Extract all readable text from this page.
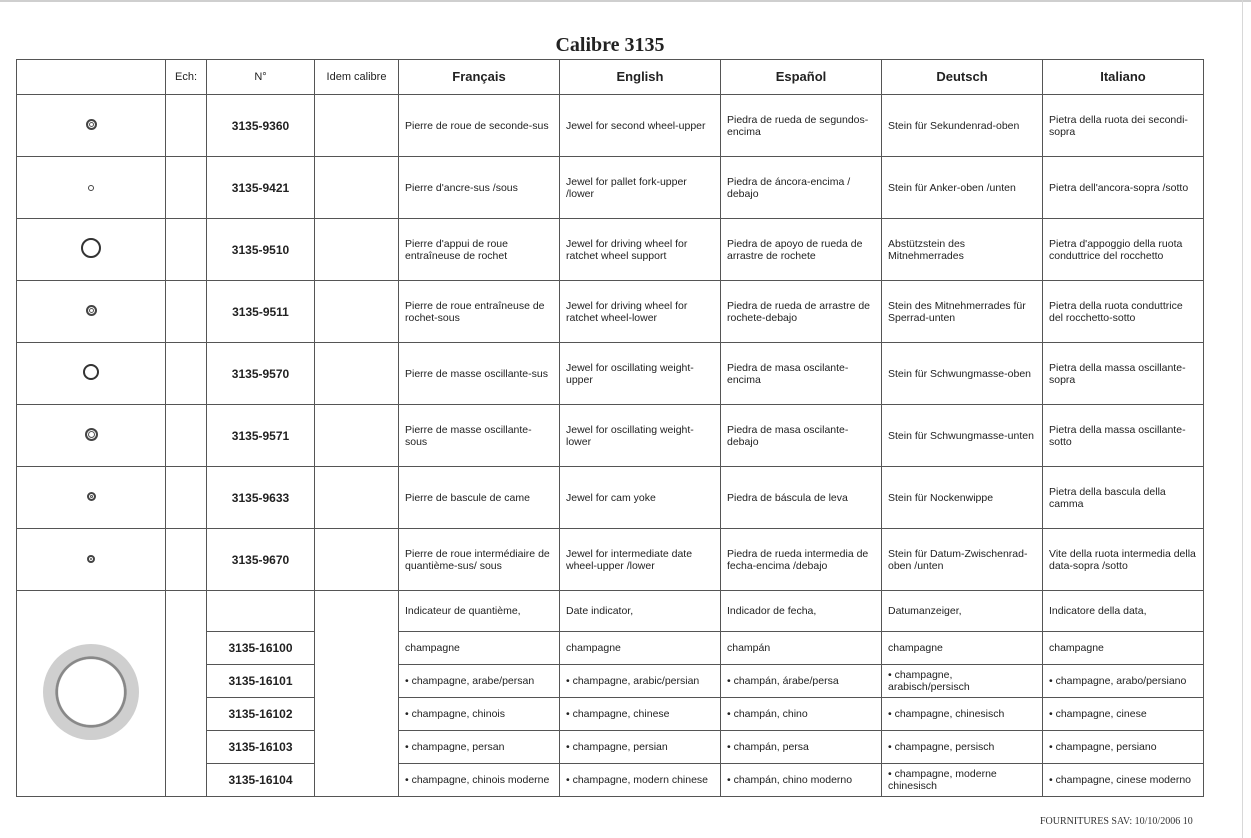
Calibre 3135
	Ech:	N°	Idem calibre	Français	English	Español	Deutsch	Italiano
		3135-9360		Pierre de roue de seconde-sus	Jewel for second wheel-upper	Piedra de rueda de segundos-encima	Stein für Sekundenrad-oben	Pietra della ruota dei secondi-sopra
		3135-9421		Pierre d'ancre-sus /sous	Jewel for pallet fork-upper /lower	Piedra de áncora-encima / debajo	Stein für Anker-oben /unten	Pietra dell'ancora-sopra /sotto
		3135-9510		Pierre d'appui de roue entraîneuse de rochet	Jewel for driving wheel for ratchet wheel support	Piedra de apoyo de rueda de arrastre de rochete	Abstützstein des Mitnehmerrades	Pietra d'appoggio della ruota conduttrice del rocchetto
		3135-9511		Pierre de roue entraîneuse de rochet-sous	Jewel for driving wheel for ratchet wheel-lower	Piedra de rueda de arrastre de rochete-debajo	Stein des Mitnehmerrades für Sperrad-unten	Pietra della ruota conduttrice del rocchetto-sotto
		3135-9570		Pierre de masse oscillante-sus	Jewel for oscillating weight-upper	Piedra de masa oscilante-encima	Stein für Schwungmasse-oben	Pietra della massa oscillante-sopra
		3135-9571		Pierre de masse oscillante-sous	Jewel for oscillating weight-lower	Piedra de masa oscilante-debajo	Stein für Schwungmasse-unten	Pietra della massa oscillante-sotto
		3135-9633		Pierre de bascule de came	Jewel for cam yoke	Piedra de báscula de leva	Stein für Nockenwippe	Pietra della bascula della camma
		3135-9670		Pierre de roue intermédiaire de quantième-sus/ sous	Jewel for intermediate date wheel-upper /lower	Piedra de rueda intermedia de fecha-encima /debajo	Stein für Datum-Zwischenrad-oben /unten	Vite della ruota intermedia della data-sopra /sotto
				Indicateur de quantième,	Date indicator,	Indicador de fecha,	Datumanzeiger,	Indicatore della data,
		3135-16100		champagne	champagne	champán	champagne	champagne
		3135-16101		• champagne, arabe/persan	• champagne, arabic/persian	• champán, árabe/persa	• champagne, arabisch/persisch	• champagne, arabo/persiano
		3135-16102		• champagne, chinois	• champagne, chinese	• champán, chino	• champagne, chinesisch	• champagne, cinese
		3135-16103		• champagne, persan	• champagne, persian	• champán, persa	• champagne, persisch	• champagne, persiano
		3135-16104		• champagne, chinois moderne	• champagne, modern chinese	• champán, chino moderno	• champagne, moderne chinesisch	• champagne, cinese moderno
FOURNITURES SAV: 10/10/2006 10
